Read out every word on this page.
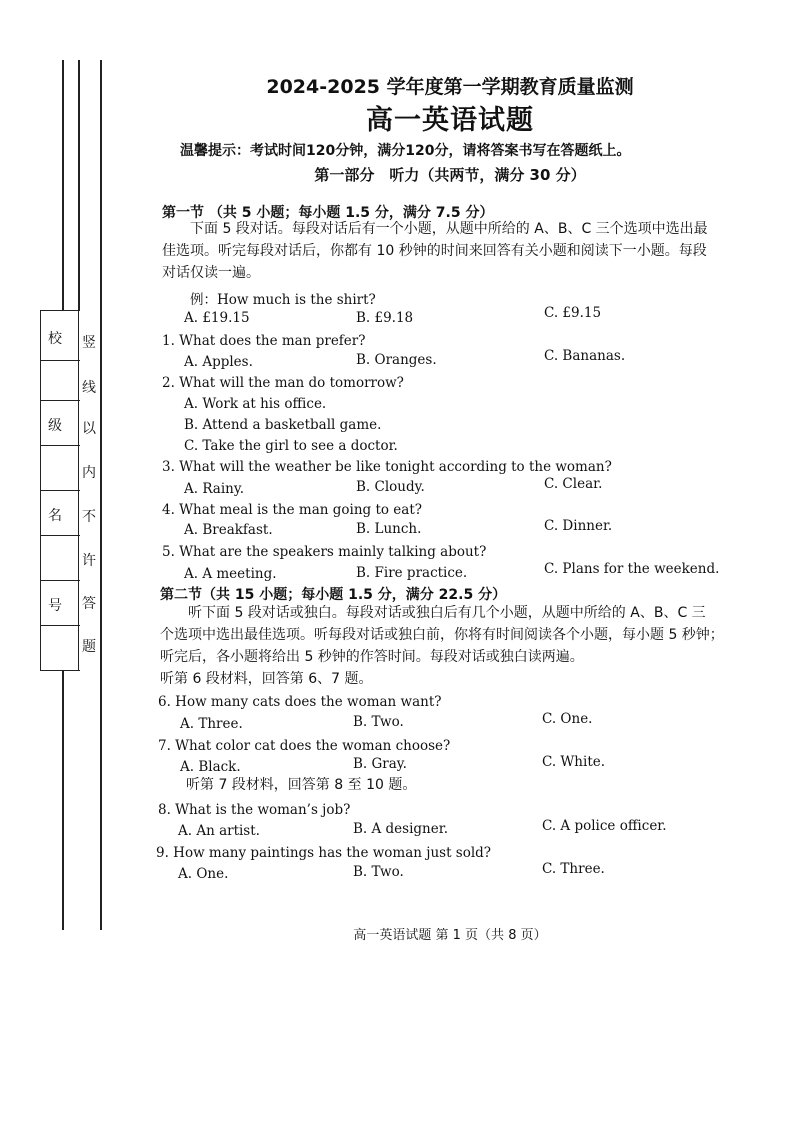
校
级
名
号
竖
线
以
内
不
许
答
题
2024-2025 学年度第一学期教育质量监测
高一英语试题
温馨提示：考试时间120分钟，满分120分，请将答案书写在答题纸上。
第一部分　听力（共两节，满分 30 分）
第一节 （共 5 小题；每小题 1.5 分，满分 7.5 分）
下面 5 段对话。每段对话后有一个小题，从题中所给的 A、B、C 三个选项中选出最
佳选项。听完每段对话后，你都有 10 秒钟的时间来回答有关小题和阅读下一小题。每段
对话仅读一遍。
例：How much is the shirt?
A. £19.15	B. £9.18	C. £9.15
1. What does the man prefer?
A. Apples.	B. Oranges.	C. Bananas.
2. What will the man do tomorrow?
A. Work at his office.
B. Attend a basketball game.
C. Take the girl to see a doctor.
3. What will the weather be like tonight according to the woman?
A. Rainy.	B. Cloudy.	C. Clear.
4. What meal is the man going to eat?
A. Breakfast.	B. Lunch.	C. Dinner.
5. What are the speakers mainly talking about?
A. A meeting.	B. Fire practice.	C. Plans for the weekend.
第二节（共 15 小题；每小题 1.5 分，满分 22.5 分）
听下面 5 段对话或独白。每段对话或独白后有几个小题，从题中所给的 A、B、C 三
个选项中选出最佳选项。听每段对话或独白前，你将有时间阅读各个小题，每小题 5 秒钟；
听完后，各小题将给出 5 秒钟的作答时间。每段对话或独白读两遍。
听第 6 段材料，回答第 6、7 题。
6. How many cats does the woman want?
A. Three.	B. Two.	C. One.
7. What color cat does the woman choose?
A. Black.	B. Gray.	C. White.
听第 7 段材料，回答第 8 至 10 题。
8. What is the woman’s job?
A. An artist.	B. A designer.	C. A police officer.
9. How many paintings has the woman just sold?
A. One.	B. Two.	C. Three.
高一英语试题 第 1 页（共 8 页）
